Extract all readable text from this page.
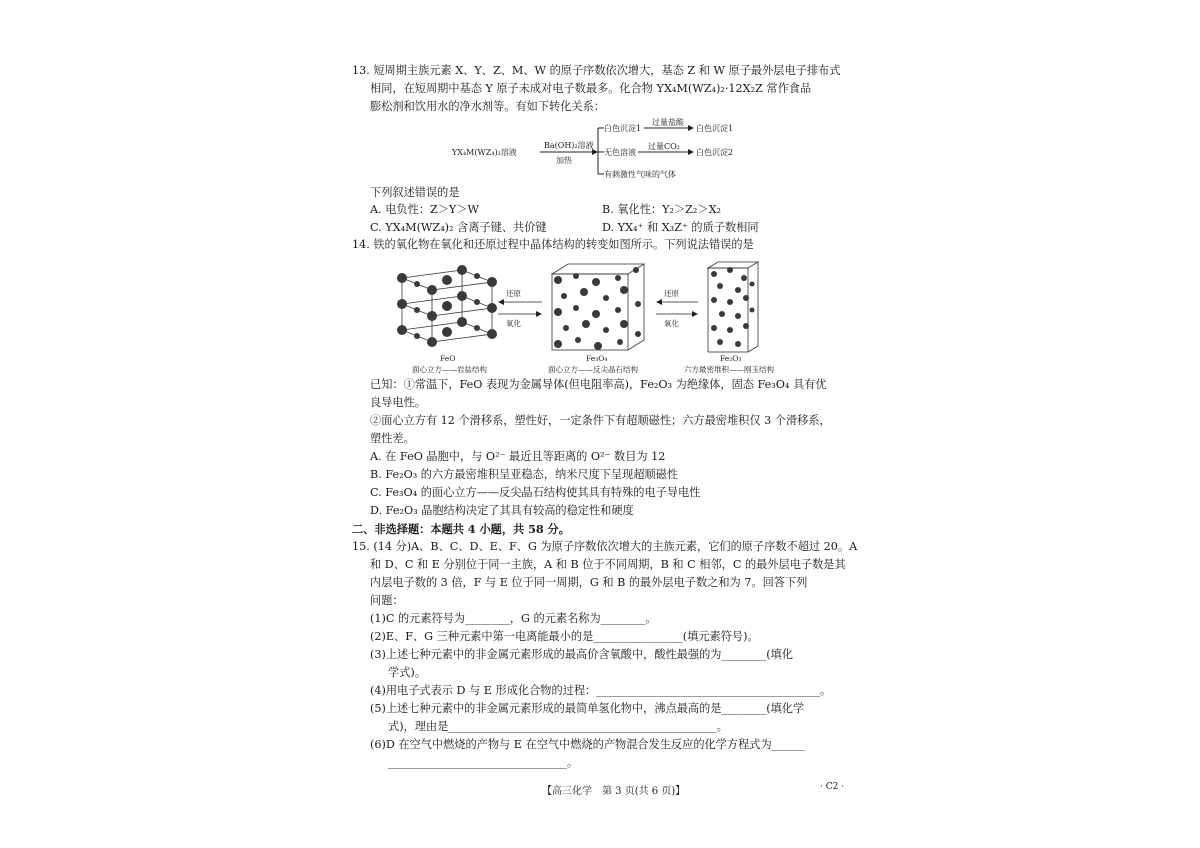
13. 短周期主族元素 X、Y、Z、M、W 的原子序数依次增大，基态 Z 和 W 原子最外层电子排布式
相同，在短周期中基态 Y 原子未成对电子数最多。化合物 YX₄M(WZ₄)₂·12X₂Z 常作食品
膨松剂和饮用水的净水剂等。有如下转化关系：
YX₄M(WZ₄)₂溶液
Ba(OH)₂溶液
加热
白色沉淀1
过量盐酸
白色沉淀1
无色溶液
过量CO₂
白色沉淀2
有刺激性气味的气体
下列叙述错误的是
A. 电负性：Z＞Y＞W	B. 氧化性：Y₂＞Z₂＞X₂
C. YX₄M(WZ₄)₂ 含离子键、共价键	D. YX₄⁺ 和 X₃Z⁺ 的质子数相同
14. 铁的氧化物在氧化和还原过程中晶体结构的转变如图所示。下列说法错误的是
还原
氧化
还原
氧化
FeO
面心立方——岩盐结构
Fe₃O₄
面心立方——反尖晶石结构
Fe₂O₃
六方最密堆积——刚玉结构
已知：①常温下，FeO 表现为金属导体(但电阻率高)，Fe₂O₃ 为绝缘体，固态 Fe₃O₄ 具有优
良导电性。
②面心立方有 12 个滑移系，塑性好，一定条件下有超顺磁性；六方最密堆积仅 3 个滑移系，
塑性差。
A. 在 FeO 晶胞中，与 O²⁻ 最近且等距离的 O²⁻ 数目为 12
B. Fe₂O₃ 的六方最密堆积呈亚稳态，纳米尺度下呈现超顺磁性
C. Fe₃O₄ 的面心立方——反尖晶石结构使其具有特殊的电子导电性
D. Fe₂O₃ 晶胞结构决定了其具有较高的稳定性和硬度
二、非选择题：本题共 4 小题，共 58 分。
15. (14 分)A、B、C、D、E、F、G 为原子序数依次增大的主族元素，它们的原子序数不超过 20。A
和 D、C 和 E 分别位于同一主族，A 和 B 位于不同周期，B 和 C 相邻，C 的最外层电子数是其
内层电子数的 3 倍，F 与 E 位于同一周期，G 和 B 的最外层电子数之和为 7。回答下列
问题：
(1)C 的元素符号为________，G 的元素名称为________。
(2)E、F、G 三种元素中第一电离能最小的是________________(填元素符号)。
(3)上述七种元素中的非金属元素形成的最高价含氧酸中，酸性最强的为________(填化
学式)。
(4)用电子式表示 D 与 E 形成化合物的过程：________________________________________。
(5)上述七种元素中的非金属元素形成的最简单氢化物中，沸点最高的是________(填化学
式)，理由是________________________________________________。
(6)D 在空气中燃烧的产物与 E 在空气中燃烧的产物混合发生反应的化学方程式为______
________________________________。
【高三化学　第 3 页(共 6 页)】	· C2 ·
